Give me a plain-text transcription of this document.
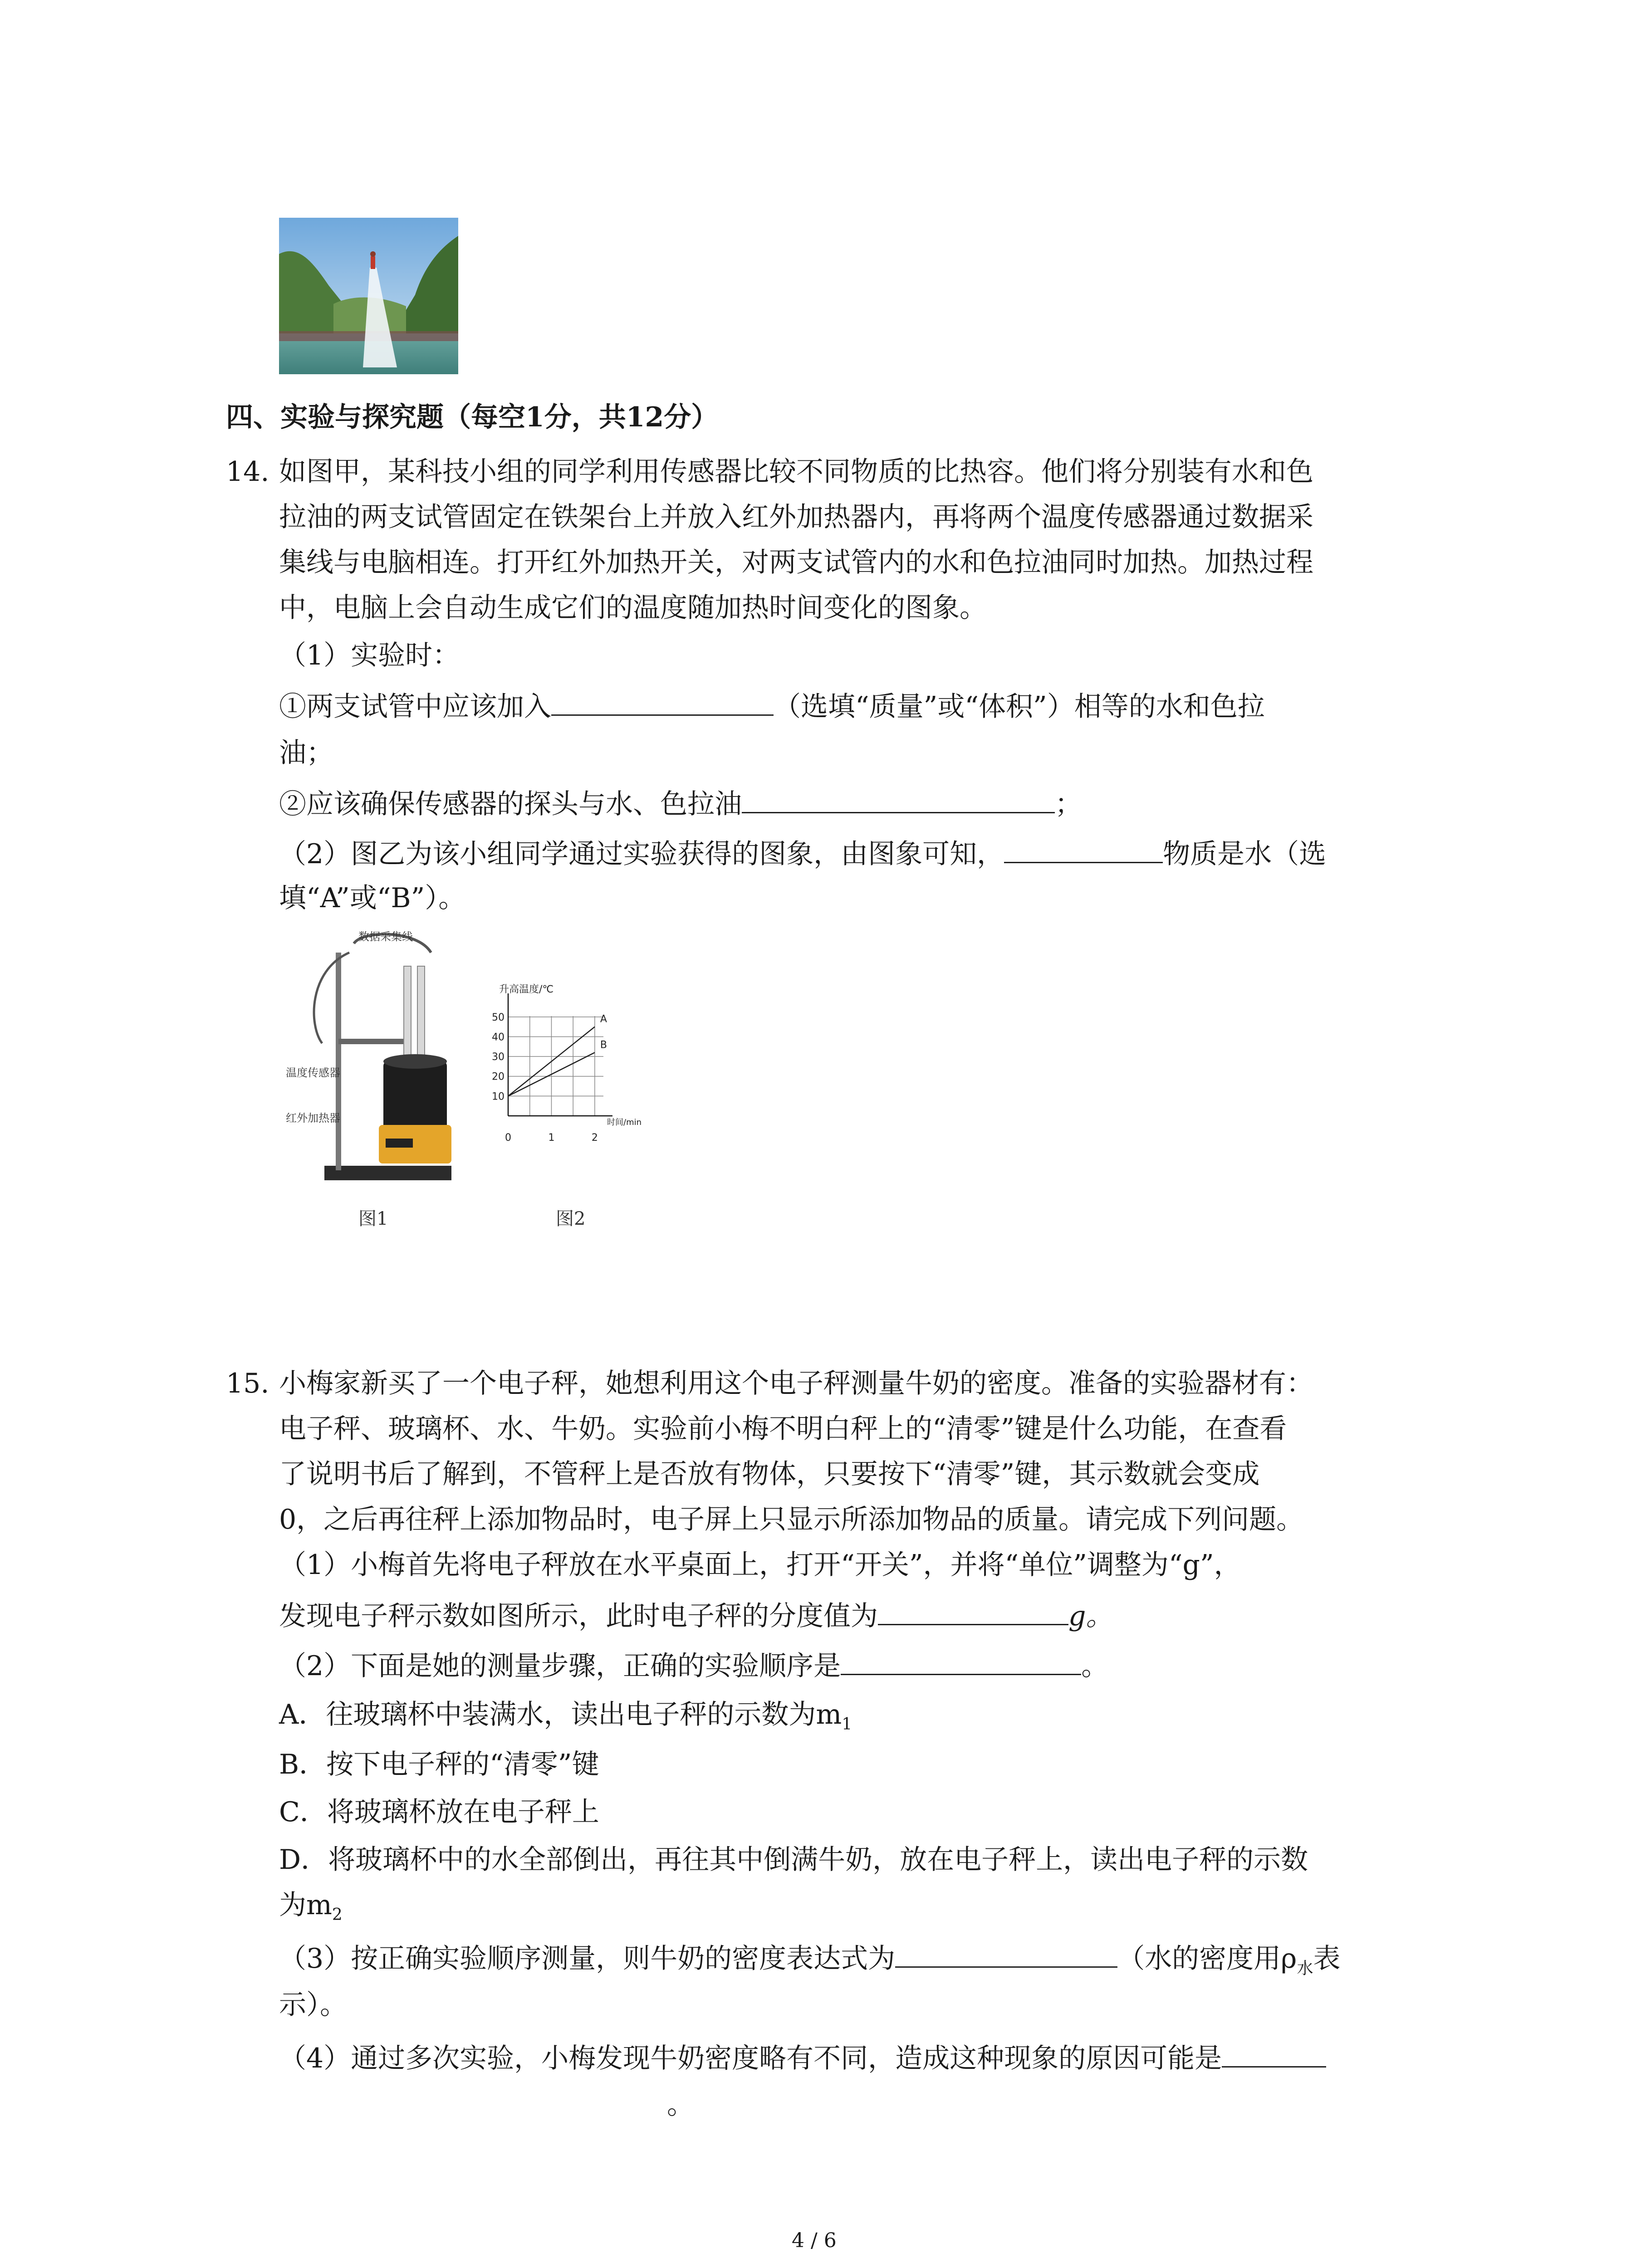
四、实验与探究题（每空1分，共12分）
14. 如图甲，某科技小组的同学利用传感器比较不同物质的比热容。他们将分别装有水和色
拉油的两支试管固定在铁架台上并放入红外加热器内，再将两个温度传感器通过数据采
集线与电脑相连。打开红外加热开关，对两支试管内的水和色拉油同时加热。加热过程
中，电脑上会自动生成它们的温度随加热时间变化的图象。
（1）实验时：
①两支试管中应该加入	（选填“质量”或“体积”）相等的水和色拉
油；
②应该确保传感器的探头与水、色拉油	；
（2）图乙为该小组同学通过实验获得的图象，由图象可知，	物质是水（选
填“A”或“B”）。
数据采集线
温度传感器
红外加热器
图1
A
B
10
20
30
40
50
0	1	2
升高温度/℃
时间/min
图2
15. 小梅家新买了一个电子秤，她想利用这个电子秤测量牛奶的密度。准备的实验器材有：
电子秤、玻璃杯、水、牛奶。实验前小梅不明白秤上的“清零”键是什么功能，在查看
了说明书后了解到，不管秤上是否放有物体，只要按下“清零”键，其示数就会变成
0，之后再往秤上添加物品时，电子屏上只显示所添加物品的质量。请完成下列问题。
（1）小梅首先将电子秤放在水平桌面上，打开“开关”，并将“单位”调整为“g”，
发现电子秤示数如图所示，此时电子秤的分度值为	g。
（2）下面是她的测量步骤，正确的实验顺序是	。
A．往玻璃杯中装满水，读出电子秤的示数为$m_1$
B．按下电子秤的“清零”键
C．将玻璃杯放在电子秤上
D．将玻璃杯中的水全部倒出，再往其中倒满牛奶，放在电子秤上，读出电子秤的示数
为$m_2$
（3）按正确实验顺序测量，则牛奶的密度表达式为	（水的密度用$\rho_水$表
示）。
（4）通过多次实验，小梅发现牛奶密度略有不同，造成这种现象的原因可能是
。
4 / 6
